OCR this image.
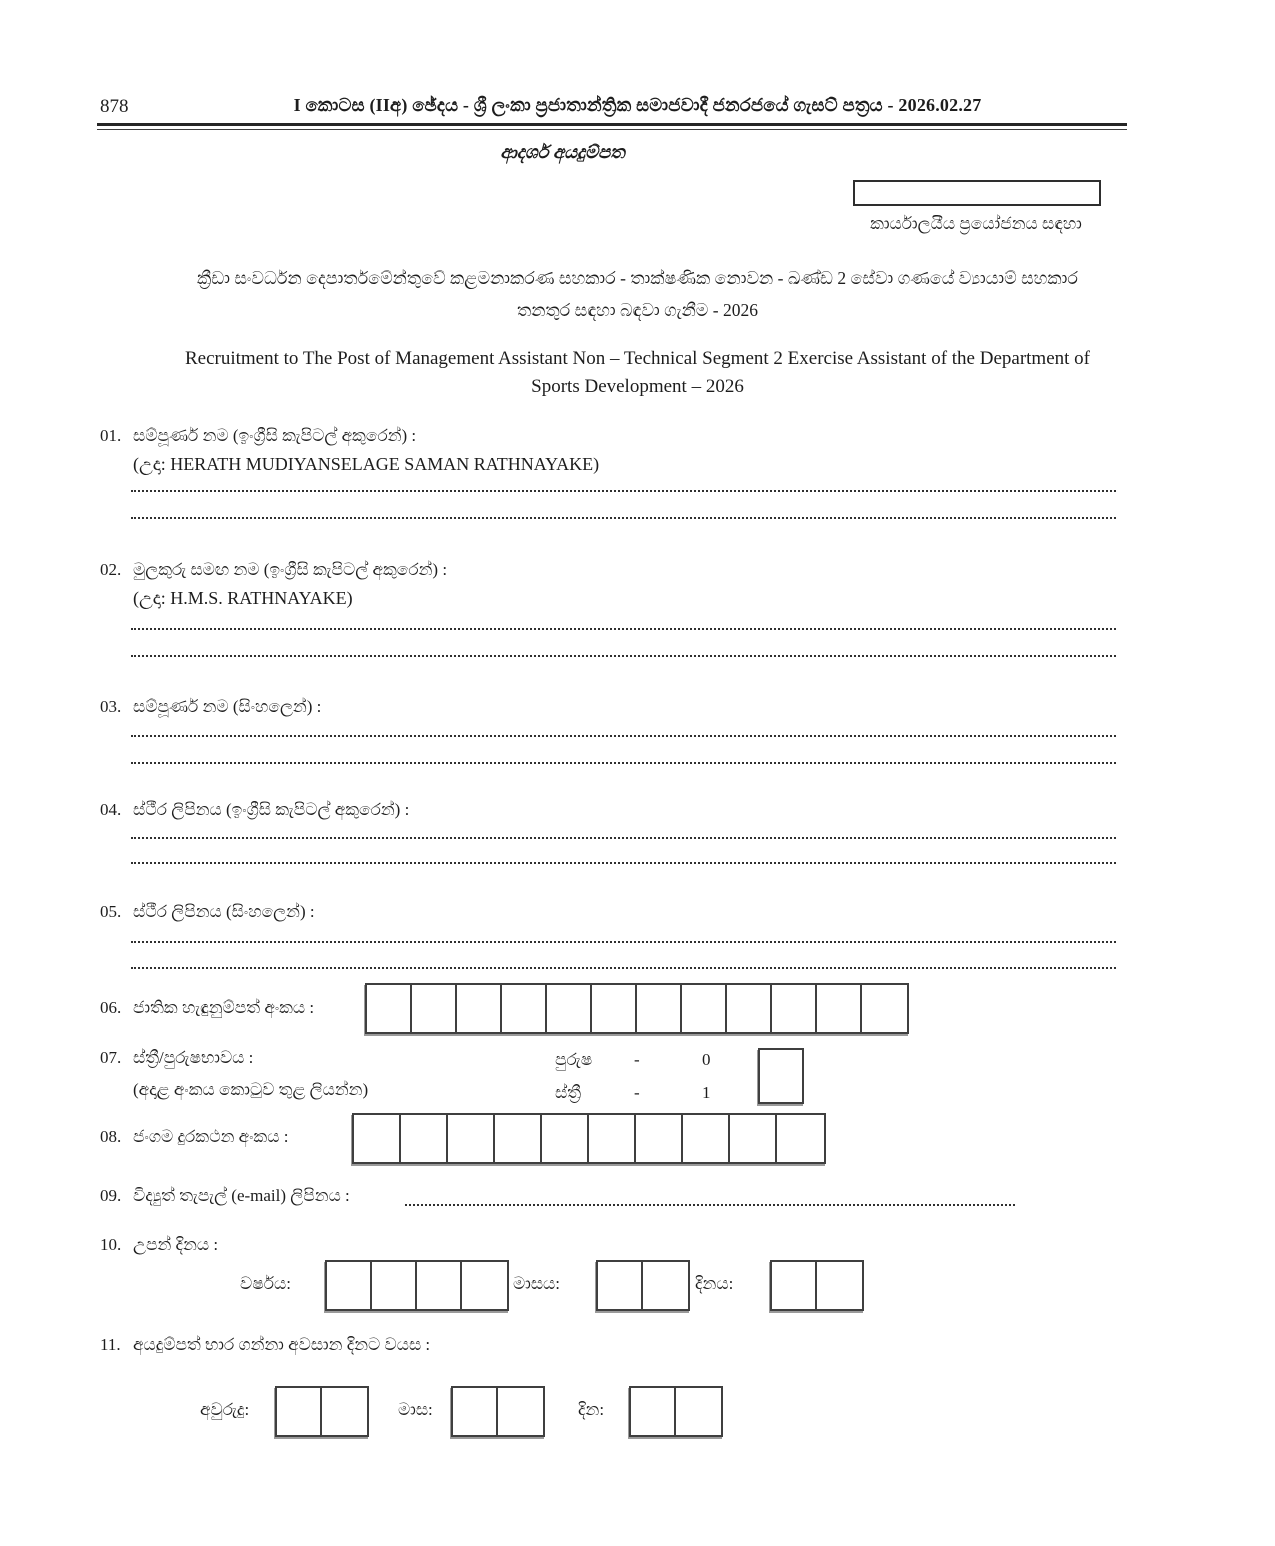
878	I කොටස (IIඅ) ඡේදය - ශ්‍රී ලංකා ප්‍රජාතාන්ත්‍රික සමාජවාදී ජනරජයේ ගැසට් පත්‍රය - 2026.02.27
ආදර්ශ අයදුම්පත
කාර්යාලයීය ප්‍රයෝජනය සඳහා
ක්‍රීඩා සංවර්ධන දෙපාර්තමේන්තුවේ කළමනාකරණ සහකාර - තාක්ෂණික නොවන - ඛණ්ඩ 2 සේවා ගණයේ ව්‍යායාම් සහකාර
තනතුර සඳහා බඳවා ගැනීම - 2026
Recruitment to The Post of Management Assistant Non – Technical Segment 2 Exercise Assistant of the Department of
Sports Development – 2026
01. සම්පූර්ණ නම (ඉංග්‍රීසි කැපිටල් අකුරෙන්) :
(උදා: HERATH MUDIYANSELAGE SAMAN RATHNAYAKE)
02. මුලකුරු සමඟ නම (ඉංග්‍රීසි කැපිටල් අකුරෙන්) :
(උදා: H.M.S. RATHNAYAKE)
03. සම්පූර්ණ නම (සිංහලෙන්) :
04. ස්ථීර ලිපිනය (ඉංග්‍රීසි කැපිටල් අකුරෙන්) :
05. ස්ථීර ලිපිනය (සිංහලෙන්) :
06. ජාතික හැඳුනුම්පත් අංකය :
07. ස්ත්‍රී/පුරුෂභාවය :
(අදාළ අංකය කොටුව තුළ ලියන්න)
පුරුෂ -	0
ස්ත්‍රී	-	1
08. ජංගම දුරකථන අංකය :
09. විද්‍යුත් තැපැල් (e-mail) ලිපිනය :
10. උපන් දිනය :
වර්ෂය:	මාසය:	දිනය:
11. අයදුම්පත් භාර ගන්නා අවසාන දිනට වයස :
අවුරුදු:	මාස:	දින:
